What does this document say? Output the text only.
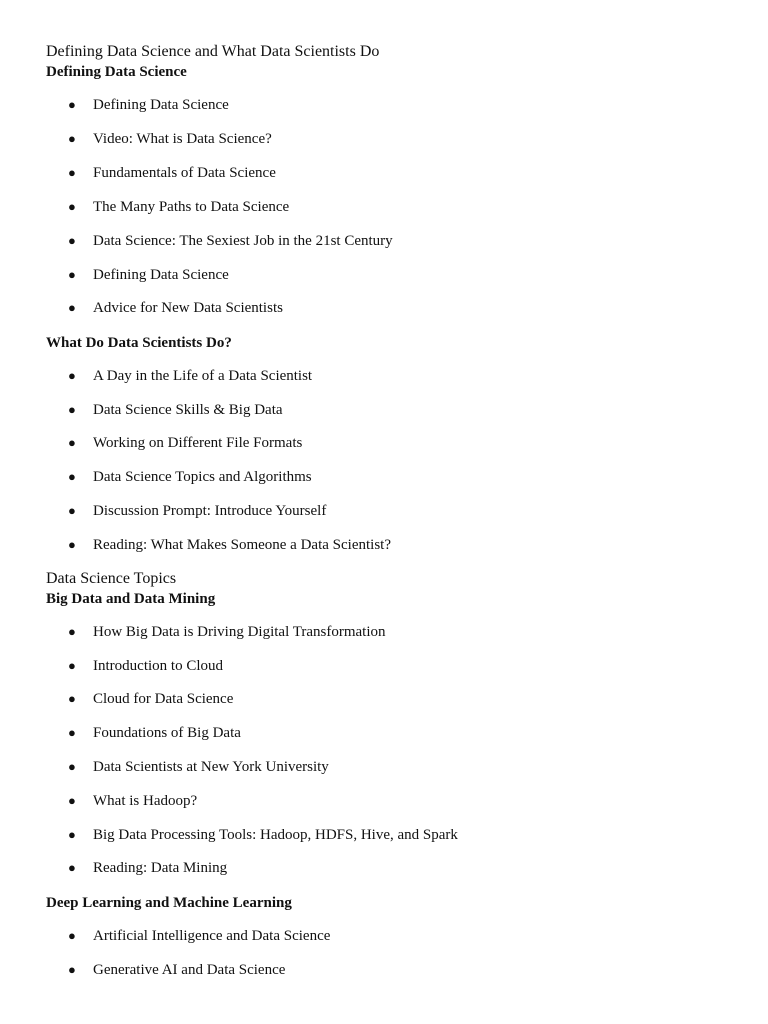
Defining Data Science and What Data Scientists Do
Defining Data Science
● Defining Data Science
● Video: What is Data Science?
● Fundamentals of Data Science
● The Many Paths to Data Science
● Data Science: The Sexiest Job in the 21st Century
● Defining Data Science
● Advice for New Data Scientists
What Do Data Scientists Do?
● A Day in the Life of a Data Scientist
● Data Science Skills & Big Data
● Working on Different File Formats
● Data Science Topics and Algorithms
● Discussion Prompt: Introduce Yourself
● Reading: What Makes Someone a Data Scientist?
Data Science Topics
Big Data and Data Mining
● How Big Data is Driving Digital Transformation
● Introduction to Cloud
● Cloud for Data Science
● Foundations of Big Data
● Data Scientists at New York University
● What is Hadoop?
● Big Data Processing Tools: Hadoop, HDFS, Hive, and Spark
● Reading: Data Mining
Deep Learning and Machine Learning
● Artificial Intelligence and Data Science
● Generative AI and Data Science
